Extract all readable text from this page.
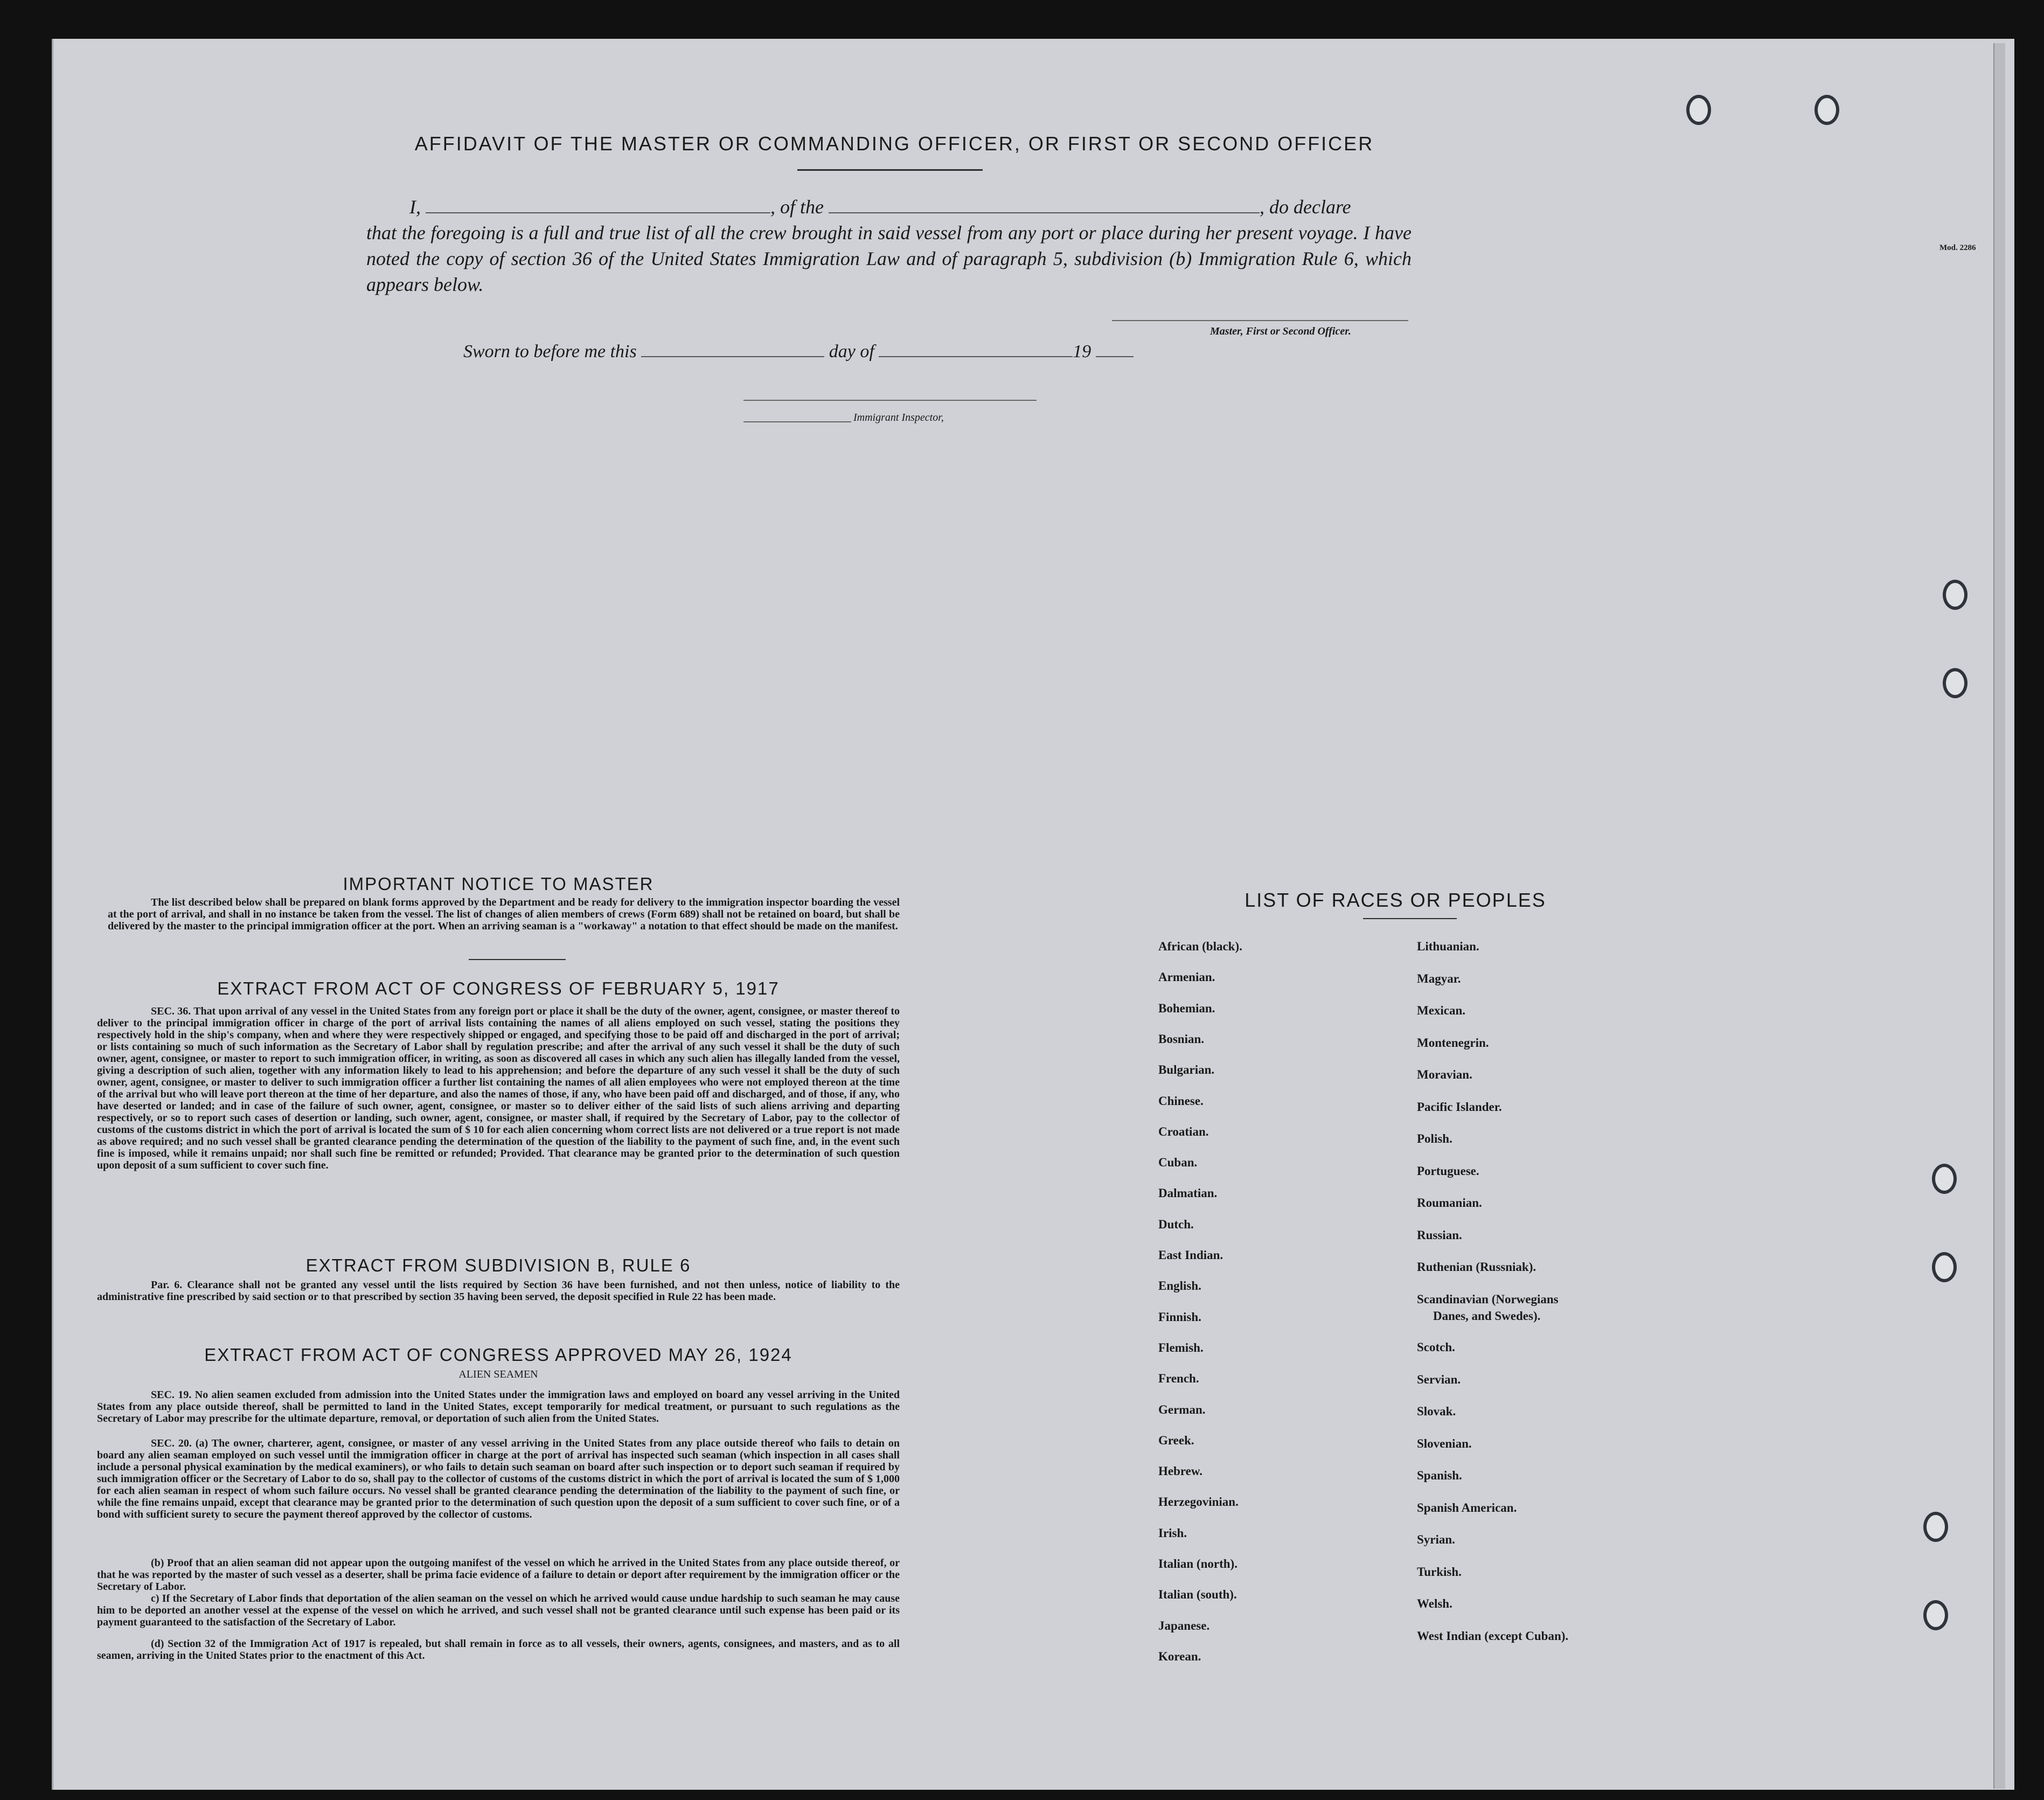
Mod. 2286
AFFIDAVIT OF THE MASTER OR COMMANDING OFFICER, OR FIRST OR SECOND OFFICER
I,	, of the	, do declare
that the foregoing is a full and true list of all the crew brought in said vessel from any port or place during her present voyage. I have noted the copy of section 36 of the United States Immigration Law and of paragraph 5, subdivision (b) Immigration Rule 6, which appears below.
Master, First or Second Officer.
Sworn to before me this	day of	19
Immigrant Inspector,
IMPORTANT NOTICE TO MASTER
The list described below shall be prepared on blank forms approved by the Department and be ready for delivery to the immigration inspector boarding the vessel at the port of arrival, and shall in no instance be taken from the vessel. The list of changes of alien members of crews (Form 689) shall not be retained on board, but shall be delivered by the master to the principal immigration officer at the port. When an arriving seaman is a "workaway" a notation to that effect should be made on the manifest.
EXTRACT FROM ACT OF CONGRESS OF FEBRUARY 5, 1917
SEC. 36. That upon arrival of any vessel in the United States from any foreign port or place it shall be the duty of the owner, agent, consignee, or master thereof to deliver to the principal immigration officer in charge of the port of arrival lists containing the names of all aliens employed on such vessel, stating the positions they respectively hold in the ship's company, when and where they were respectively shipped or engaged, and specifying those to be paid off and discharged in the port of arrival; or lists containing so much of such information as the Secretary of Labor shall by regulation prescribe; and after the arrival of any such vessel it shall be the duty of such owner, agent, consignee, or master to report to such immigration officer, in writing, as soon as discovered all cases in which any such alien has illegally landed from the vessel, giving a description of such alien, together with any information likely to lead to his apprehension; and before the departure of any such vessel it shall be the duty of such owner, agent, consignee, or master to deliver to such immigration officer a further list containing the names of all alien employees who were not employed thereon at the time of the arrival but who will leave port thereon at the time of her departure, and also the names of those, if any, who have been paid off and discharged, and of those, if any, who have deserted or landed; and in case of the failure of such owner, agent, consignee, or master so to deliver either of the said lists of such aliens arriving and departing respectively, or so to report such cases of desertion or landing, such owner, agent, consignee, or master shall, if required by the Secretary of Labor, pay to the collector of customs of the customs district in which the port of arrival is located the sum of $ 10 for each alien concerning whom correct lists are not delivered or a true report is not made as above required; and no such vessel shall be granted clearance pending the determination of the question of the liability to the payment of such fine, and, in the event such fine is imposed, while it remains unpaid; nor shall such fine be remitted or refunded; Provided. That clearance may be granted prior to the determination of such question upon deposit of a sum sufficient to cover such fine.
EXTRACT FROM SUBDIVISION B, RULE 6
Par. 6. Clearance shall not be granted any vessel until the lists required by Section 36 have been furnished, and not then unless, notice of liability to the administrative fine prescribed by said section or to that prescribed by section 35 having been served, the deposit specified in Rule 22 has been made.
EXTRACT FROM ACT OF CONGRESS APPROVED MAY 26, 1924
ALIEN SEAMEN
SEC. 19. No alien seamen excluded from admission into the United States under the immigration laws and employed on board any vessel arriving in the United States from any place outside thereof, shall be permitted to land in the United States, except temporarily for medical treatment, or pursuant to such regulations as the Secretary of Labor may prescribe for the ultimate departure, removal, or deportation of such alien from the United States.
SEC. 20. (a) The owner, charterer, agent, consignee, or master of any vessel arriving in the United States from any place outside thereof who fails to detain on board any alien seaman employed on such vessel until the immigration officer in charge at the port of arrival has inspected such seaman (which inspection in all cases shall include a personal physical examination by the medical examiners), or who fails to detain such seaman on board after such inspection or to deport such seaman if required by such immigration officer or the Secretary of Labor to do so, shall pay to the collector of customs of the customs district in which the port of arrival is located the sum of $ 1,000 for each alien seaman in respect of whom such failure occurs. No vessel shall be granted clearance pending the determination of the liability to the payment of such fine, or while the fine remains unpaid, except that clearance may be granted prior to the determination of such question upon the deposit of a sum sufficient to cover such fine, or of a bond with sufficient surety to secure the payment thereof approved by the collector of customs.
(b) Proof that an alien seaman did not appear upon the outgoing manifest of the vessel on which he arrived in the United States from any place outside thereof, or that he was reported by the master of such vessel as a deserter, shall be prima facie evidence of a failure to detain or deport after requirement by the immigration officer or the Secretary of Labor.
c) If the Secretary of Labor finds that deportation of the alien seaman on the vessel on which he arrived would cause undue hardship to such seaman he may cause him to be deported an another vessel at the expense of the vessel on which he arrived, and such vessel shall not be granted clearance until such expense has been paid or its payment guaranteed to the satisfaction of the Secretary of Labor.
(d) Section 32 of the Immigration Act of 1917 is repealed, but shall remain in force as to all vessels, their owners, agents, consignees, and masters, and as to all seamen, arriving in the United States prior to the enactment of this Act.
LIST OF RACES OR PEOPLES
African (black).
Armenian.
Bohemian.
Bosnian.
Bulgarian.
Chinese.
Croatian.
Cuban.
Dalmatian.
Dutch.
East Indian.
English.
Finnish.
Flemish.
French.
German.
Greek.
Hebrew.
Herzegovinian.
Irish.
Italian (north).
Italian (south).
Japanese.
Korean.
Lithuanian.
Magyar.
Mexican.
Montenegrin.
Moravian.
Pacific Islander.
Polish.
Portuguese.
Roumanian.
Russian.
Ruthenian (Russniak).
Scandinavian (Norwegians
Danes, and Swedes).
Scotch.
Servian.
Slovak.
Slovenian.
Spanish.
Spanish American.
Syrian.
Turkish.
Welsh.
West Indian (except Cuban).
